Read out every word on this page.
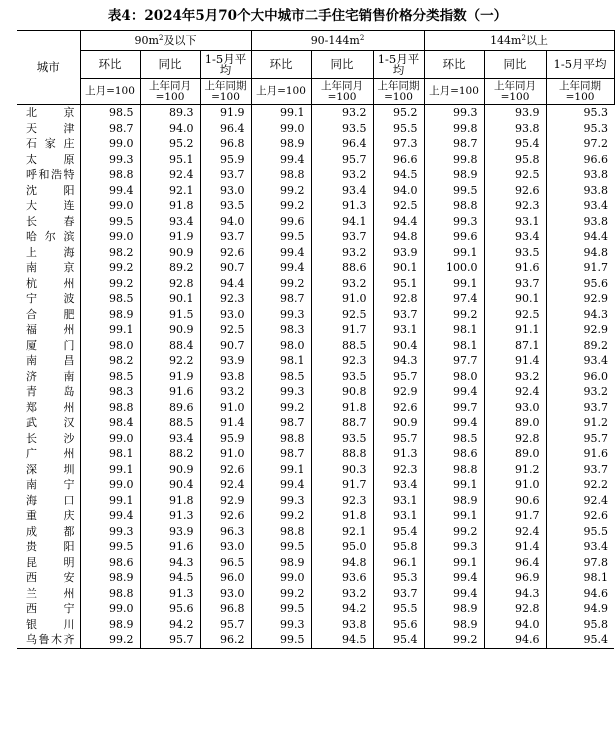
表4：2024年5月70个大中城市二手住宅销售价格分类指数（一）
城市	$90m^2$及以下			$90-144m^2$			$144m^2$以上		
	环比	同比	1-5月平均	环比	同比	1-5月平均	环比	同比	1-5月平均
	上月=100	上年同月=100	上年同期=100	上月=100	上年同月=100	上年同期=100	上月=100	上年同月=100	上年同期=100
北京	98.5	89.3	91.9	99.1	93.2	95.2	99.3	93.9	95.3
天津	98.7	94.0	96.4	99.0	93.5	95.5	99.8	93.8	95.3
石家庄	99.0	95.2	96.8	98.9	96.4	97.3	98.7	95.4	97.2
太原	99.3	95.1	95.9	99.4	95.7	96.6	99.8	95.8	96.6
呼和浩特	98.8	92.4	93.7	98.8	93.2	94.5	98.9	92.5	93.8
沈阳	99.4	92.1	93.0	99.2	93.4	94.0	99.5	92.6	93.8
大连	99.0	91.8	93.5	99.2	91.3	92.5	98.8	92.3	93.4
长春	99.5	93.4	94.0	99.6	94.1	94.4	99.3	93.1	93.8
哈尔滨	99.0	91.9	93.7	99.5	93.7	94.8	99.6	93.4	94.4
上海	98.2	90.9	92.6	99.4	93.2	93.9	99.1	93.5	94.8
南京	99.2	89.2	90.7	99.4	88.6	90.1	100.0	91.6	91.7
杭州	99.2	92.8	94.4	99.2	93.2	95.1	99.1	93.7	95.6
宁波	98.5	90.1	92.3	98.7	91.0	92.8	97.4	90.1	92.9
合肥	98.9	91.5	93.0	99.3	92.5	93.7	99.2	92.5	94.3
福州	99.1	90.9	92.5	98.3	91.7	93.1	98.1	91.1	92.9
厦门	98.0	88.4	90.7	98.0	88.5	90.4	98.1	87.1	89.2
南昌	98.2	92.2	93.9	98.1	92.3	94.3	97.7	91.4	93.4
济南	98.5	91.9	93.8	98.5	93.5	95.7	98.0	93.2	96.0
青岛	98.3	91.6	93.2	99.3	90.8	92.9	99.4	92.4	93.2
郑州	98.8	89.6	91.0	99.2	91.8	92.6	99.7	93.0	93.7
武汉	98.4	88.5	91.4	98.7	88.7	90.9	99.4	89.0	91.2
长沙	99.0	93.4	95.9	98.8	93.5	95.7	98.5	92.8	95.7
广州	98.1	88.2	91.0	98.7	88.8	91.3	98.6	89.0	91.6
深圳	99.1	90.9	92.6	99.1	90.3	92.3	98.8	91.2	93.7
南宁	99.0	90.4	92.4	99.4	91.7	93.4	99.1	91.0	92.2
海口	99.1	91.8	92.9	99.3	92.3	93.1	98.9	90.6	92.4
重庆	99.4	91.3	92.6	99.2	91.8	93.1	99.1	91.7	92.6
成都	99.3	93.9	96.3	98.8	92.1	95.4	99.2	92.4	95.5
贵阳	99.5	91.6	93.0	99.5	95.0	95.8	99.3	91.4	93.4
昆明	98.6	94.3	96.5	98.9	94.8	96.1	99.1	96.4	97.8
西安	98.9	94.5	96.0	99.0	93.6	95.3	99.4	96.9	98.1
兰州	98.8	91.3	93.0	99.2	93.2	93.7	99.4	94.3	94.6
西宁	99.0	95.6	96.8	99.5	94.2	95.5	98.9	92.8	94.9
银川	98.9	94.2	95.7	99.3	93.8	95.6	98.9	94.0	95.8
乌鲁木齐	99.2	95.7	96.2	99.5	94.5	95.4	99.2	94.6	95.4
